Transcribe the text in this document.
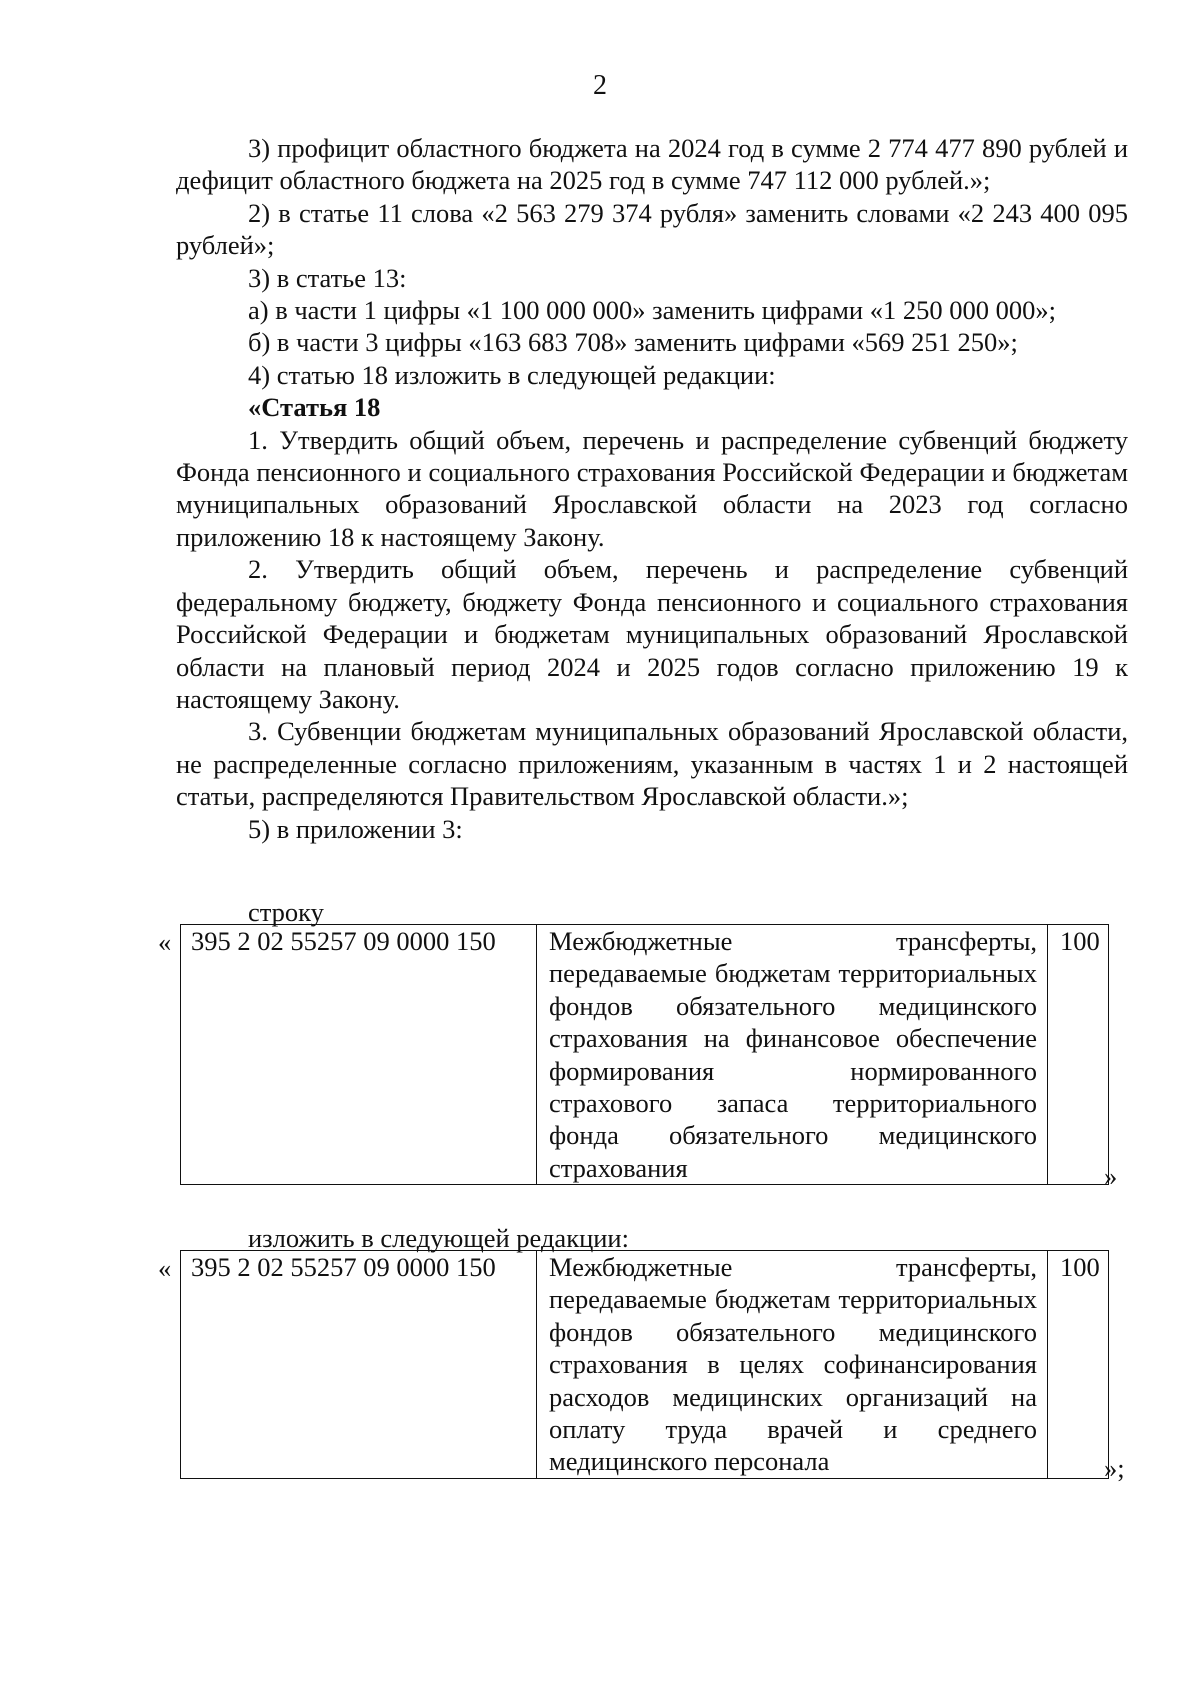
2

3) профицит областного бюджета на 2024 год в сумме 2 774 477 890 рублей и дефицит областного бюджета на 2025 год в сумме 747 112 000 рублей.»;

2) в статье 11 слова «2 563 279 374 рубля» заменить словами «2 243 400 095 рублей»;

3) в статье 13:

а) в части 1 цифры «1 100 000 000» заменить цифрами «1 250 000 000»;

б) в части 3 цифры «163 683 708» заменить цифрами «569 251 250»;

4) статью 18 изложить в следующей редакции:

«Статья 18

1. Утвердить общий объем, перечень и распределение субвенций бюджету Фонда пенсионного и социального страхования Российской Федерации и бюджетам муниципальных образований Ярославской области на 2023 год согласно приложению 18 к настоящему Закону.

2. Утвердить общий объем, перечень и распределение субвенций федеральному бюджету, бюджету Фонда пенсионного и социального страхования Российской Федерации и бюджетам муниципальных образований Ярославской области на плановый период 2024 и 2025 годов согласно приложению 19 к настоящему Закону.

3. Субвенции бюджетам муниципальных образований Ярославской области, не распределенные согласно приложениям, указанным в частях 1 и 2 настоящей статьи, распределяются Правительством Ярославской области.»;

5) в приложении 3:

строку
« 395 2 02 55257 09 0000 150	Межбюджетные трансферты, передаваемые бюджетам территориальных фондов обязательного медицинского страхования на финансовое обеспечение формирования нормированного страхового запаса территориального фонда обязательного медицинского страхования	100
»
изложить в следующей редакции:
« 395 2 02 55257 09 0000 150	Межбюджетные трансферты, передаваемые бюджетам территориальных фондов обязательного медицинского страхования в целях софинансирования расходов медицинских организаций на оплату труда врачей и среднего медицинского персонала	100
»;
